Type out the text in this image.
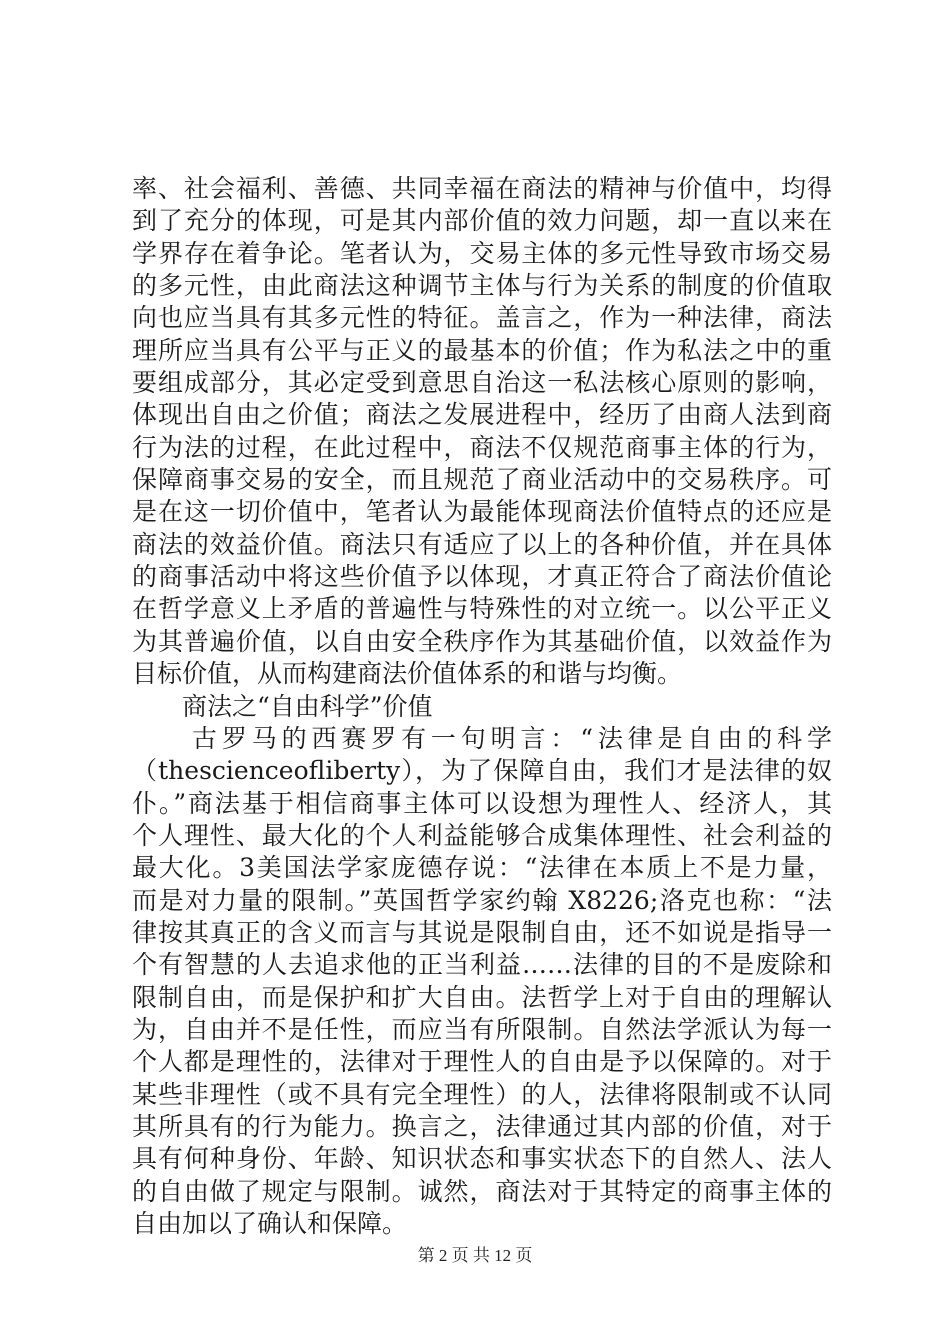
率、社会福利、善德、共同幸福在商法的精神与价值中，均得
到了充分的体现，可是其内部价值的效力问题，却一直以来在
学界存在着争论。笔者认为，交易主体的多元性导致市场交易
的多元性，由此商法这种调节主体与行为关系的制度的价值取
向也应当具有其多元性的特征。盖言之，作为一种法律，商法
理所应当具有公平与正义的最基本的价值；作为私法之中的重
要组成部分，其必定受到意思自治这一私法核心原则的影响，
体现出自由之价值；商法之发展进程中，经历了由商人法到商
行为法的过程，在此过程中，商法不仅规范商事主体的行为，
保障商事交易的安全，而且规范了商业活动中的交易秩序。可
是在这一切价值中，笔者认为最能体现商法价值特点的还应是
商法的效益价值。商法只有适应了以上的各种价值，并在具体
的商事活动中将这些价值予以体现，才真正符合了商法价值论
在哲学意义上矛盾的普遍性与特殊性的对立统一。以公平正义
为其普遍价值，以自由安全秩序作为其基础价值，以效益作为
目标价值，从而构建商法价值体系的和谐与均衡。
商法之“自由科学”价值
古罗马的西赛罗有一句明言：“法律是自由的科学
（thescienceofliberty），为了保障自由，我们才是法律的奴
仆。”商法基于相信商事主体可以设想为理性人、经济人，其
个人理性、最大化的个人利益能够合成集体理性、社会利益的
最大化。3美国法学家庞德存说：“法律在本质上不是力量，
而是对力量的限制。”英国哲学家约翰 X8226;洛克也称：“法
律按其真正的含义而言与其说是限制自由，还不如说是指导一
个有智慧的人去追求他的正当利益……法律的目的不是废除和
限制自由，而是保护和扩大自由。法哲学上对于自由的理解认
为，自由并不是任性，而应当有所限制。自然法学派认为每一
个人都是理性的，法律对于理性人的自由是予以保障的。对于
某些非理性（或不具有完全理性）的人，法律将限制或不认同
其所具有的行为能力。换言之，法律通过其内部的价值，对于
具有何种身份、年龄、知识状态和事实状态下的自然人、法人
的自由做了规定与限制。诚然，商法对于其特定的商事主体的
自由加以了确认和保障。
第 2 页 共 12 页
